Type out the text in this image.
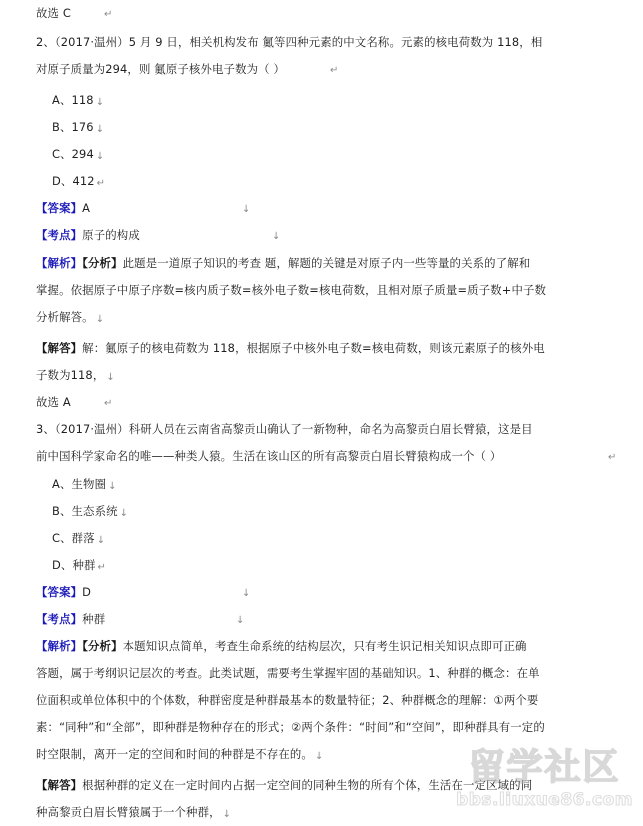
故选 C	↵
2、（2017·温州）5 月 9 日，相关机构发布 鿫等四种元素的中文名称。元素的核电荷数为 118，相
对原子质量为294，则 鿫原子核外电子数为（ ）	↵
A、118 ↓
B、176 ↓
C、294 ↓
D、412 ↵
【答案】A	↓
【考点】原子的构成	↓
【解析】【分析】此题是一道原子知识的考查 题，解题的关键是对原子内一些等量的关系的了解和
掌握。依据原子中原子序数=核内质子数=核外电子数=核电荷数，且相对原子质量=质子数+中子数
分析解答。 ↓
【解答】解：鿫原子的核电荷数为 118，根据原子中核外电子数=核电荷数，则该元素原子的核外电
子数为118， ↓
故选 A	↵
3、（2017·温州）科研人员在云南省高黎贡山确认了一新物种，命名为高黎贡白眉长臂猿，这是目
前中国科学家命名的唯——种类人猿。生活在该山区的所有高黎贡白眉长臂猿构成一个（ ）	↵
A、生物圈 ↓
B、生态系统 ↓
C、群落 ↓
D、种群 ↵
【答案】D	↓
【考点】种群	↓
【解析】【分析】本题知识点简单，考查生命系统的结构层次，只有考生识记相关知识点即可正确
答题，属于考纲识记层次的考查。此类试题，需要考生掌握牢固的基础知识。1、种群的概念：在单
位面积或单位体积中的个体数，种群密度是种群最基本的数量特征；2、种群概念的理解：①两个要
素：“同种”和“全部”，即种群是物种存在的形式；②两个条件：“时间”和“空间”，即种群具有一定的
时空限制，离开一定的空间和时间的种群是不存在的。 ↓
【解答】根据种群的定义在一定时间内占据一定空间的同种生物的所有个体，生活在一定区域的同
种高黎贡白眉长臂猿属于一个种群， ↓
留学社区
bbs.liuxue86.com
